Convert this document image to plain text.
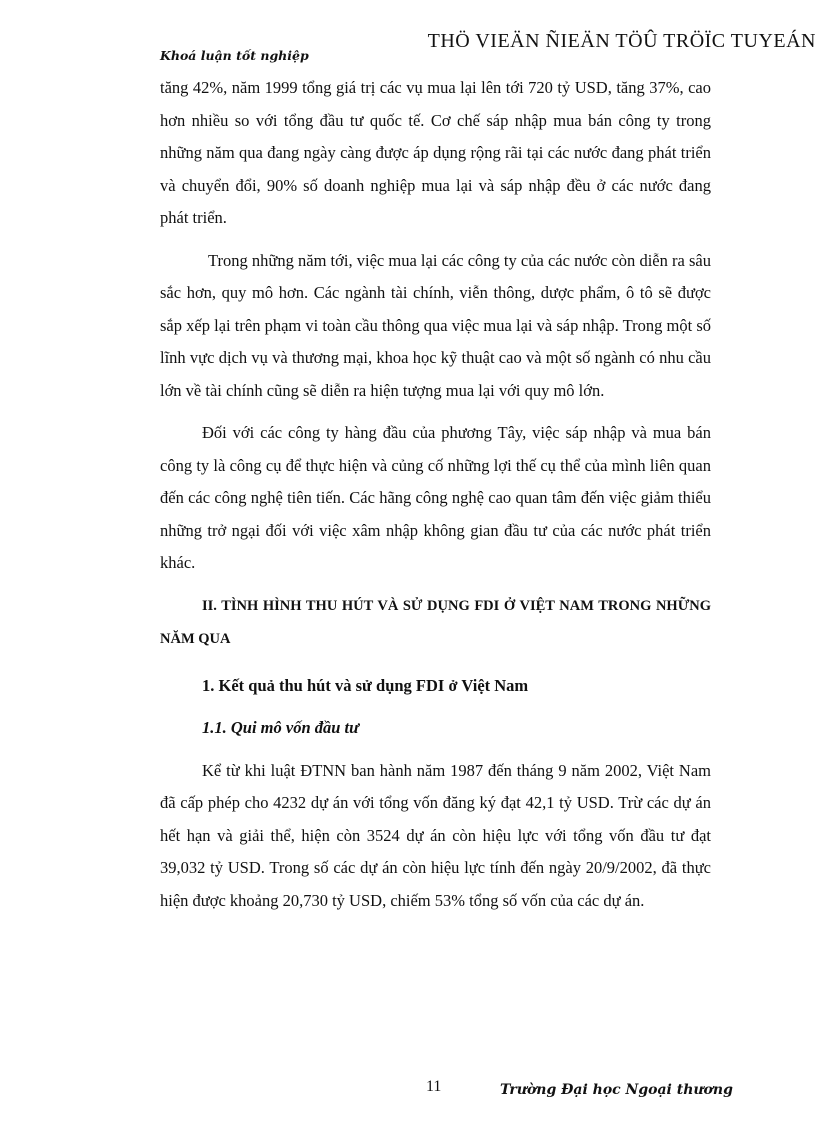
THÖ VIEÄN ÑIEÄN TÖÛ TRÖÏC TUYEÁN
Khoá luận tốt nghiệp

tăng 42%, năm 1999 tổng giá trị các vụ mua lại lên tới 720 tỷ USD, tăng 37%, cao hơn nhiều so với tổng đầu tư quốc tế. Cơ chế sáp nhập mua bán công ty trong những năm qua đang ngày càng được áp dụng rộng rãi tại các nước đang phát triển và chuyển đổi, 90% số doanh nghiệp mua lại và sáp nhập đều ở các nước đang phát triển.

Trong những năm tới, việc mua lại các công ty của các nước còn diễn ra sâu sắc hơn, quy mô hơn. Các ngành tài chính, viễn thông, dược phẩm, ô tô sẽ được sắp xếp lại trên phạm vi toàn cầu thông qua việc mua lại và sáp nhập. Trong một số lĩnh vực dịch vụ và thương mại, khoa học kỹ thuật cao và một số ngành có nhu cầu lớn về tài chính cũng sẽ diễn ra hiện tượng mua lại với quy mô lớn.

Đối với các công ty hàng đầu của phương Tây, việc sáp nhập và mua bán công ty là công cụ để thực hiện và củng cố những lợi thế cụ thể của mình liên quan đến các công nghệ tiên tiến. Các hãng công nghệ cao quan tâm đến việc giảm thiểu những trở ngại đối với việc xâm nhập không gian đầu tư của các nước phát triển khác.

II. TÌNH HÌNH THU HÚT VÀ SỬ DỤNG FDI Ở VIỆT NAM TRONG NHỮNG NĂM QUA

1. Kết quả thu hút và sử dụng FDI ở Việt Nam

1.1. Qui mô vốn đầu tư

Kể từ khi luật ĐTNN ban hành năm 1987 đến tháng 9 năm 2002, Việt Nam đã cấp phép cho 4232 dự án với tổng vốn đăng ký đạt 42,1 tỷ USD. Trừ các dự án hết hạn và giải thể, hiện còn 3524 dự án còn hiệu lực với tổng vốn đầu tư đạt 39,032 tỷ USD. Trong số các dự án còn hiệu lực tính đến ngày 20/9/2002, đã thực hiện được khoảng 20,730 tỷ USD, chiếm 53% tổng số vốn của các dự án.

11	Trường Đại học Ngoại thương
